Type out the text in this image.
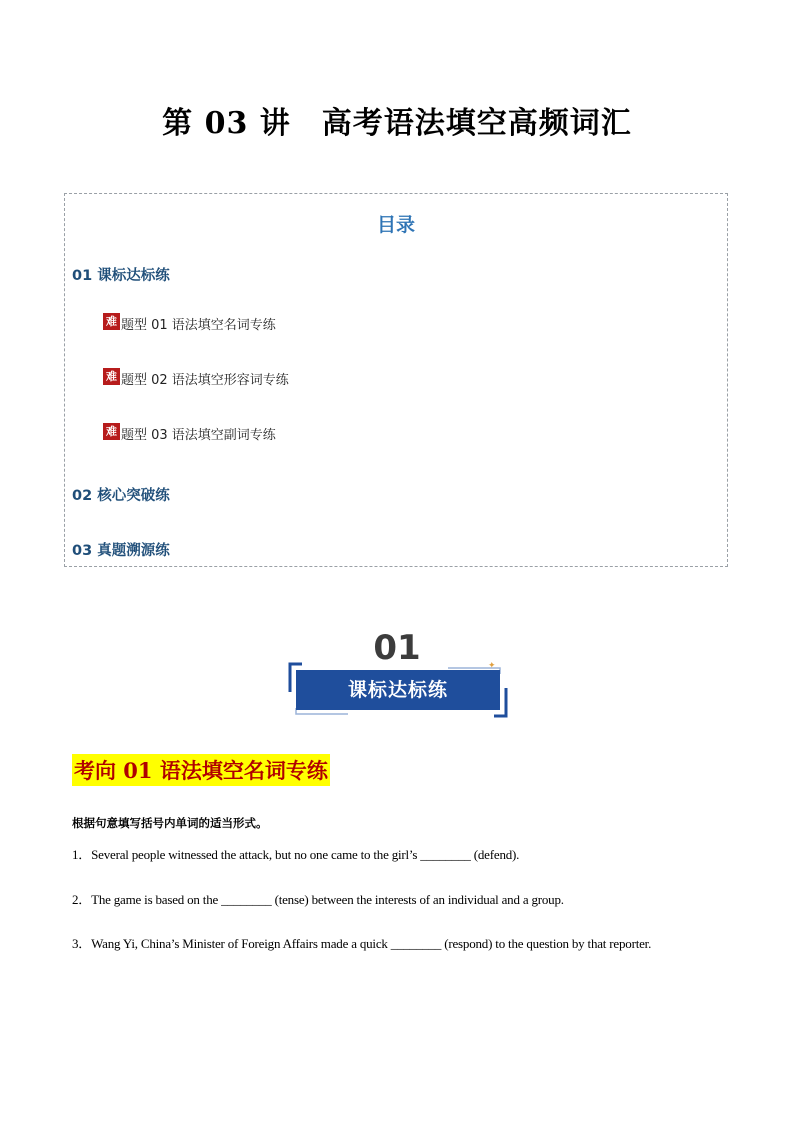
第 03 讲　高考语法填空高频词汇
目录
01 课标达标练
难 题型 01 语法填空名词专练
难 题型 02 语法填空形容词专练
难 题型 03 语法填空副词专练
02 核心突破练
03 真题溯源练
01	✦
课标达标练
考向 01 语法填空名词专练
根据句意填写括号内单词的适当形式。
1．Several people witnessed the attack, but no one came to the girl’s ________ (defend).
2．The game is based on the ________ (tense) between the interests of an individual and a group.
3．Wang Yi, China’s Minister of Foreign Affairs made a quick ________ (respond) to the question by that reporter.
